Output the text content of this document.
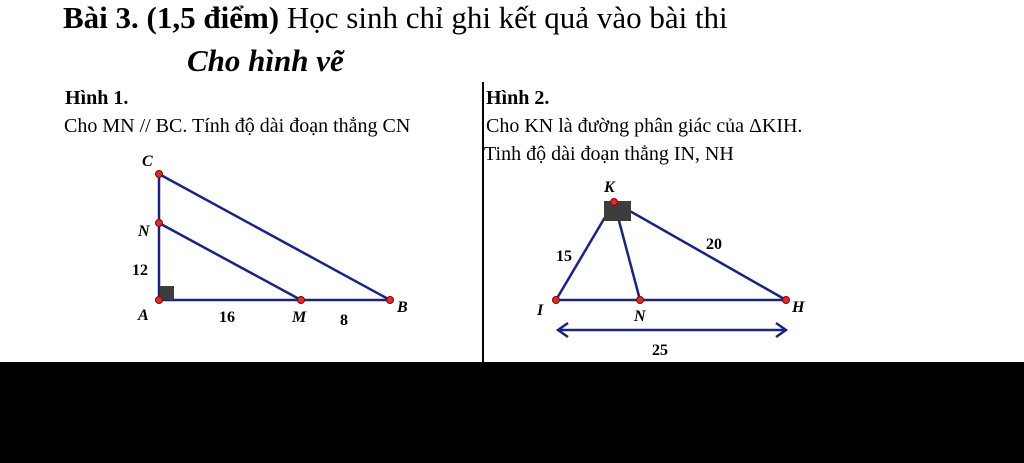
Bài 3. (1,5 điểm) Học sinh chỉ ghi kết quả vào bài thi
Cho hình vẽ
Hình 1.
Cho MN // BC. Tính độ dài đoạn thẳng CN
Hình 2.
Cho KN là đường phân giác của ΔKIH.
Tinh độ dài đoạn thẳng IN, NH
C
N
12
A	16	M 8
B
K
15
20
I	N
H
25
